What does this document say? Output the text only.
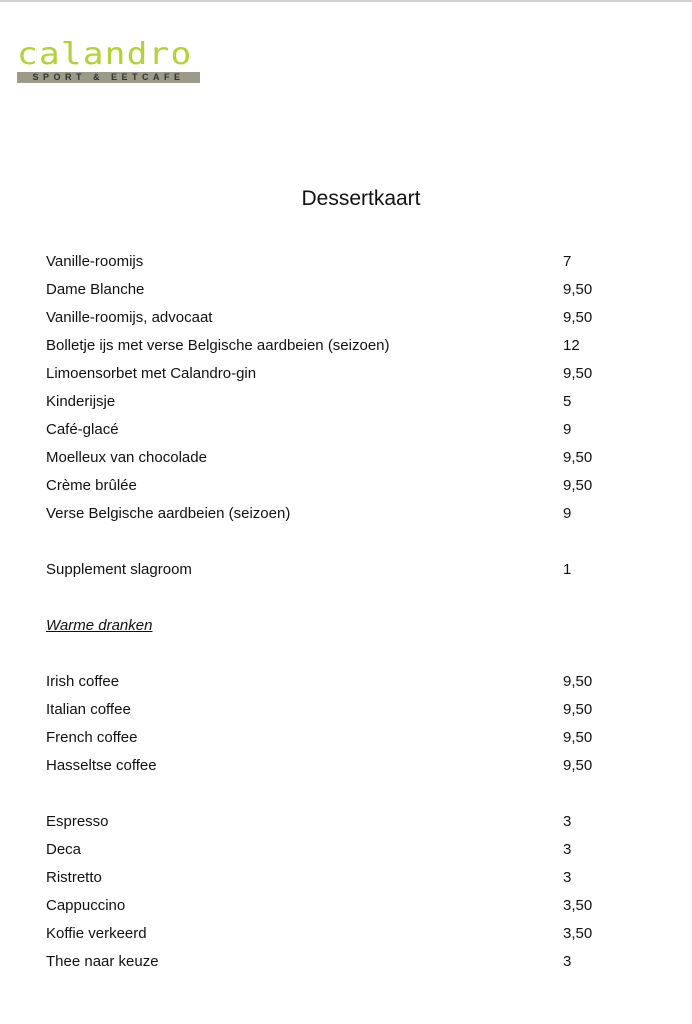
calandro
SPORT & EETCAFE
Dessertkaart
Vanille-roomijs	7
Dame Blanche	9,50
Vanille-roomijs, advocaat	9,50
Bolletje ijs met verse Belgische aardbeien (seizoen)	12
Limoensorbet met Calandro-gin	9,50
Kinderijsje	5
Café-glacé	9
Moelleux van chocolade	9,50
Crème brûlée	9,50
Verse Belgische aardbeien (seizoen)	9
Supplement slagroom	1
Warme dranken
Irish coffee	9,50
Italian coffee	9,50
French coffee	9,50
Hasseltse coffee	9,50
Espresso	3
Deca	3
Ristretto	3
Cappuccino	3,50
Koffie verkeerd	3,50
Thee naar keuze	3
